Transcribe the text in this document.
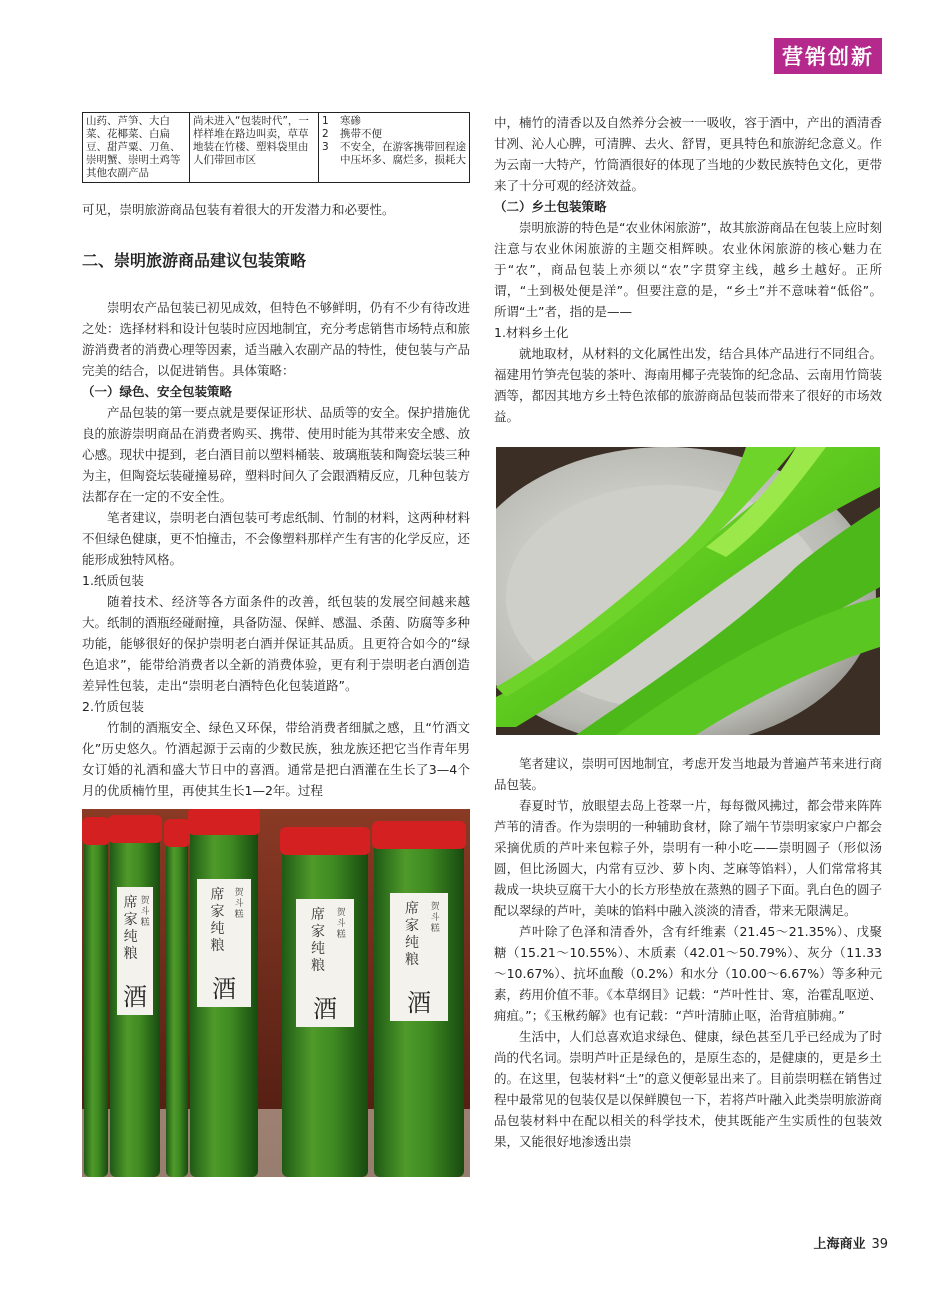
营销创新
山药、芦笋、大白菜、花椰菜、白扁豆、甜芦粟、刀鱼、崇明蟹、崇明土鸡等其他农副产品	尚未进入“包装时代”，一样样堆在路边叫卖，草草地装在竹楼、塑料袋里由人们带回市区	
1	寒碜
2	携带不便
3	不安全，在游客携带回程途中压坏多、腐烂多，损耗大

可见，崇明旅游商品包装有着很大的开发潜力和必要性。

二、崇明旅游商品建议包装策略

崇明农产品包装已初见成效，但特色不够鲜明，仍有不少有待改进之处：选择材料和设计包装时应因地制宜，充分考虑销售市场特点和旅游消费者的消费心理等因素，适当融入农副产品的特性，使包装与产品完美的结合，以促进销售。具体策略：

（一）绿色、安全包装策略

产品包装的第一要点就是要保证形状、品质等的安全。保护措施优良的旅游崇明商品在消费者购买、携带、使用时能为其带来安全感、放心感。现状中提到，老白酒目前以塑料桶装、玻璃瓶装和陶瓷坛装三种为主，但陶瓷坛装碰撞易碎，塑料时间久了会跟酒精反应，几种包装方法都存在一定的不安全性。

笔者建议，崇明老白酒包装可考虑纸制、竹制的材料，这两种材料不但绿色健康，更不怕撞击，不会像塑料那样产生有害的化学反应，还能形成独特风格。

1.纸质包装

随着技术、经济等各方面条件的改善，纸包装的发展空间越来越大。纸制的酒瓶经碰耐撞，具备防湿、保鲜、感温、杀菌、防腐等多种功能，能够很好的保护崇明老白酒并保证其品质。且更符合如今的“绿色追求”，能带给消费者以全新的消费体验，更有利于崇明老白酒创造差异性包装，走出“崇明老白酒特色化包装道路”。

2.竹质包装

竹制的酒瓶安全、绿色又环保，带给消费者细腻之感，且“竹酒文化”历史悠久。竹酒起源于云南的少数民族，独龙族还把它当作青年男女订婚的礼酒和盛大节日中的喜酒。通常是把白酒灌在生长了3—4个月的优质楠竹里，再使其生长1—2年。过程

席
家
纯
粮
贺
斗
糕
酒
席
家
纯
粮
贺
斗
糕
酒
席
家
纯
粮
贺
斗
糕
酒
席
家
纯
粮
贺
斗
糕
酒

中，楠竹的清香以及自然养分会被一一吸收，容于酒中，产出的酒清香甘冽、沁人心脾，可清脾、去火、舒胃，更具特色和旅游纪念意义。作为云南一大特产，竹筒酒很好的体现了当地的少数民族特色文化，更带来了十分可观的经济效益。

（二）乡土包装策略

崇明旅游的特色是“农业休闲旅游”，故其旅游商品在包装上应时刻注意与农业休闲旅游的主题交相辉映。农业休闲旅游的核心魅力在于“农”，商品包装上亦须以“农”字贯穿主线，越乡土越好。正所谓，“土到极处便是洋”。但要注意的是，“乡土”并不意味着“低俗”。所谓“土”者，指的是——

1.材料乡土化

就地取材，从材料的文化属性出发，结合具体产品进行不同组合。福建用竹笋壳包装的茶叶、海南用椰子壳装饰的纪念品、云南用竹筒装酒等，都因其地方乡土特色浓郁的旅游商品包装而带来了很好的市场效益。

笔者建议，崇明可因地制宜，考虑开发当地最为普遍芦苇来进行商品包装。

春夏时节，放眼望去岛上苍翠一片，每每微风拂过，都会带来阵阵芦苇的清香。作为崇明的一种辅助食材，除了端午节崇明家家户户都会采摘优质的芦叶来包粽子外，崇明有一种小吃——崇明圆子（形似汤圆，但比汤圆大，内常有豆沙、萝卜肉、芝麻等馅料），人们常常将其裁成一块块豆腐干大小的长方形垫放在蒸熟的圆子下面。乳白色的圆子配以翠绿的芦叶，美味的馅料中融入淡淡的清香，带来无限满足。

芦叶除了色泽和清香外，含有纤维素（21.45～21.35%）、戊聚糖（15.21～10.55%）、木质素（42.01～50.79%）、灰分（11.33～10.67%）、抗坏血酸（0.2%）和水分（10.00～6.67%）等多种元素，药用价值不菲。《本草纲目》记载：“芦叶性甘、寒，治霍乱呕逆、痈疽。”；《玉楸药解》也有记载：“芦叶清肺止呕，治背疽肺痈。”

生活中，人们总喜欢追求绿色、健康，绿色甚至几乎已经成为了时尚的代名词。崇明芦叶正是绿色的，是原生态的，是健康的，更是乡土的。在这里，包装材料“土”的意义便彰显出来了。目前崇明糕在销售过程中最常见的包装仅是以保鲜膜包一下，若将芦叶融入此类崇明旅游商品包装材料中在配以相关的科学技术，使其既能产生实质性的包装效果，又能很好地渗透出崇

上海商业 39
